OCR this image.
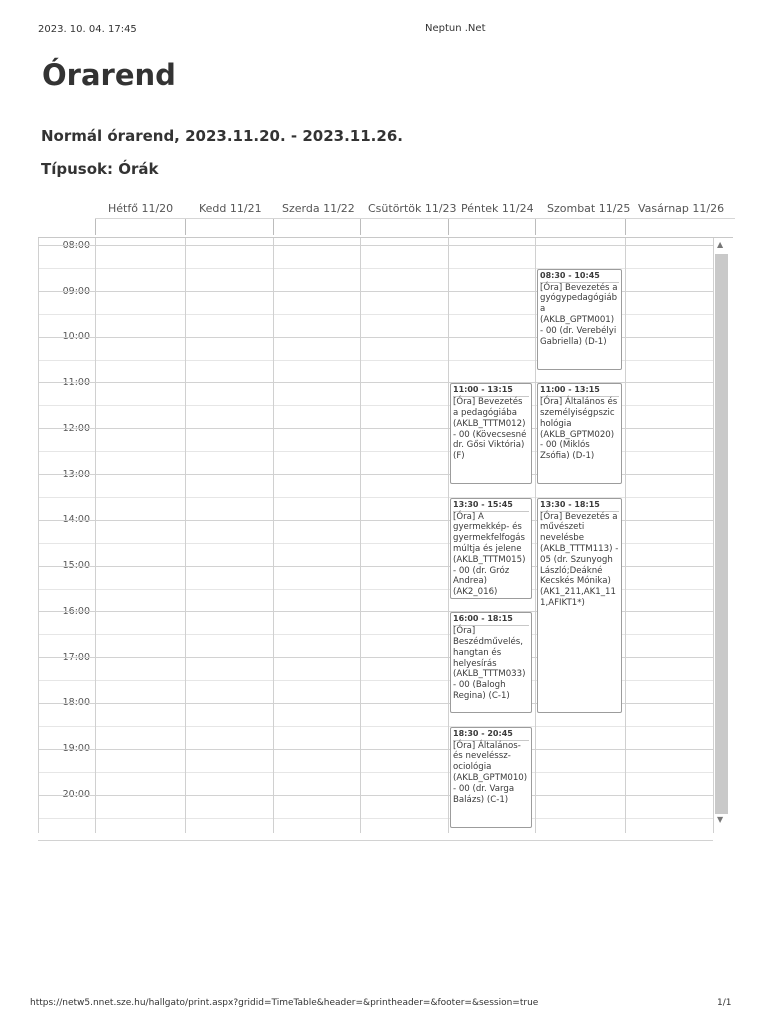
2023. 10. 04. 17:45	Neptun .Net
Órarend
Normál órarend, 2023.11.20. - 2023.11.26.
Típusok: Órák
Hétfő 11/20 Kedd 11/21 Szerda 11/22 Csütörtök 11/23 Péntek 11/24 Szombat 11/25 Vasárnap 11/26
08:00
09:00
10:00
11:00
12:00
13:00
14:00
15:00
16:00
17:00
18:00
19:00
20:00
08:30 - 10:45
[Óra] Bevezetés a gyógypedagógiába (AKLB_GPTM001) - 00 (dr. Verebélyi Gabriella) (D-1)
11:00 - 13:15
[Óra] Bevezetés a pedagógiába (AKLB_TTTM012) - 00 (Kövecsesné dr. Gősi Viktória) (F)
11:00 - 13:15
[Óra] Általános és személyiségpszichológia (AKLB_GPTM020) - 00 (Miklós Zsófia) (D-1)
13:30 - 15:45
[Óra] A gyermekkép- és gyermekfelfogás múltja és jelene (AKLB_TTTM015) - 00 (dr. Gróz Andrea) (AK2_016)
13:30 - 18:15
[Óra] Bevezetés a művészeti nevelésbe (AKLB_TTTM113) - 05 (dr. Szunyogh László;Deákné Kecskés Mónika) (AK1_211,AK1_111,AFIKT1*)
16:00 - 18:15
[Óra] Beszédművelés, hangtan és helyesírás (AKLB_TTTM033) - 00 (Balogh Regina) (C-1)
18:30 - 20:45
[Óra] Általános- és nevelésszociológia (AKLB_GPTM010) - 00 (dr. Varga Balázs) (C-1)
▲
▼
https://netw5.nnet.sze.hu/hallgato/print.aspx?gridid=TimeTable&header=&printheader=&footer=&session=true	1/1
